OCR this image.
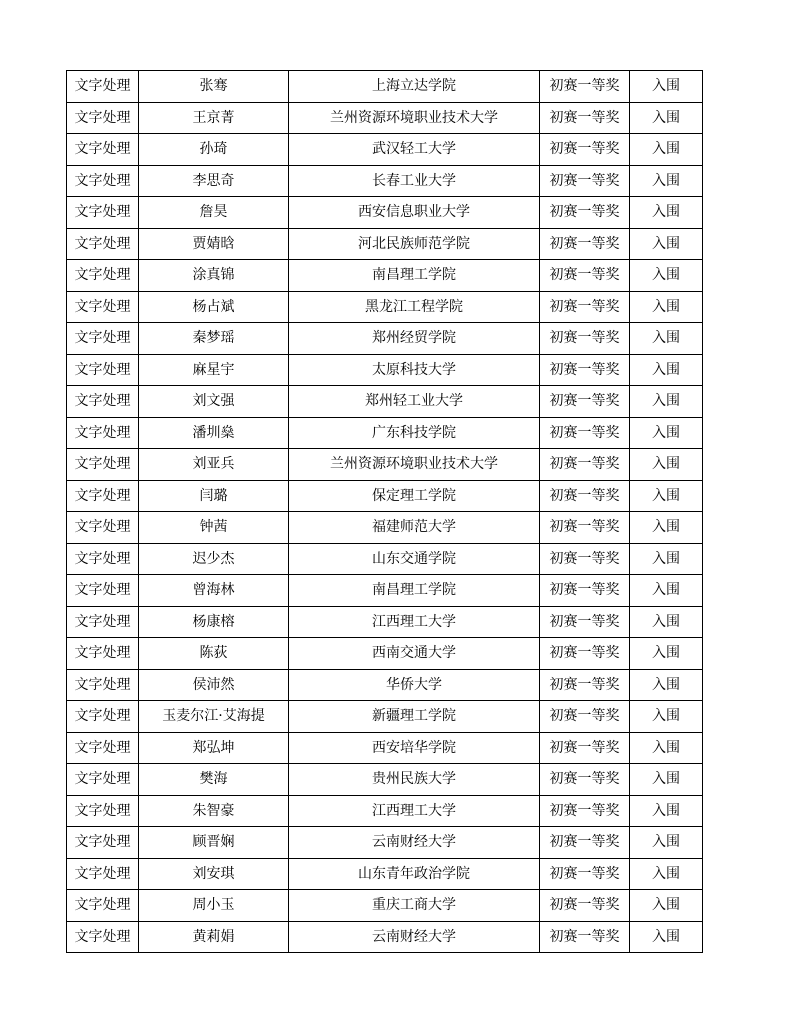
文字处理	张骞	上海立达学院	初赛一等奖	入围
文字处理	王京菁	兰州资源环境职业技术大学	初赛一等奖	入围
文字处理	孙琦	武汉轻工大学	初赛一等奖	入围
文字处理	李思奇	长春工业大学	初赛一等奖	入围
文字处理	詹昊	西安信息职业大学	初赛一等奖	入围
文字处理	贾婧晗	河北民族师范学院	初赛一等奖	入围
文字处理	涂真锦	南昌理工学院	初赛一等奖	入围
文字处理	杨占斌	黑龙江工程学院	初赛一等奖	入围
文字处理	秦梦瑶	郑州经贸学院	初赛一等奖	入围
文字处理	麻星宇	太原科技大学	初赛一等奖	入围
文字处理	刘文强	郑州轻工业大学	初赛一等奖	入围
文字处理	潘圳燊	广东科技学院	初赛一等奖	入围
文字处理	刘亚兵	兰州资源环境职业技术大学	初赛一等奖	入围
文字处理	闫璐	保定理工学院	初赛一等奖	入围
文字处理	钟茜	福建师范大学	初赛一等奖	入围
文字处理	迟少杰	山东交通学院	初赛一等奖	入围
文字处理	曾海林	南昌理工学院	初赛一等奖	入围
文字处理	杨康榕	江西理工大学	初赛一等奖	入围
文字处理	陈荻	西南交通大学	初赛一等奖	入围
文字处理	侯沛然	华侨大学	初赛一等奖	入围
文字处理	玉麦尔江·艾海提	新疆理工学院	初赛一等奖	入围
文字处理	郑弘坤	西安培华学院	初赛一等奖	入围
文字处理	樊海	贵州民族大学	初赛一等奖	入围
文字处理	朱智豪	江西理工大学	初赛一等奖	入围
文字处理	顾晋娴	云南财经大学	初赛一等奖	入围
文字处理	刘安琪	山东青年政治学院	初赛一等奖	入围
文字处理	周小玉	重庆工商大学	初赛一等奖	入围
文字处理	黄莉娟	云南财经大学	初赛一等奖	入围
